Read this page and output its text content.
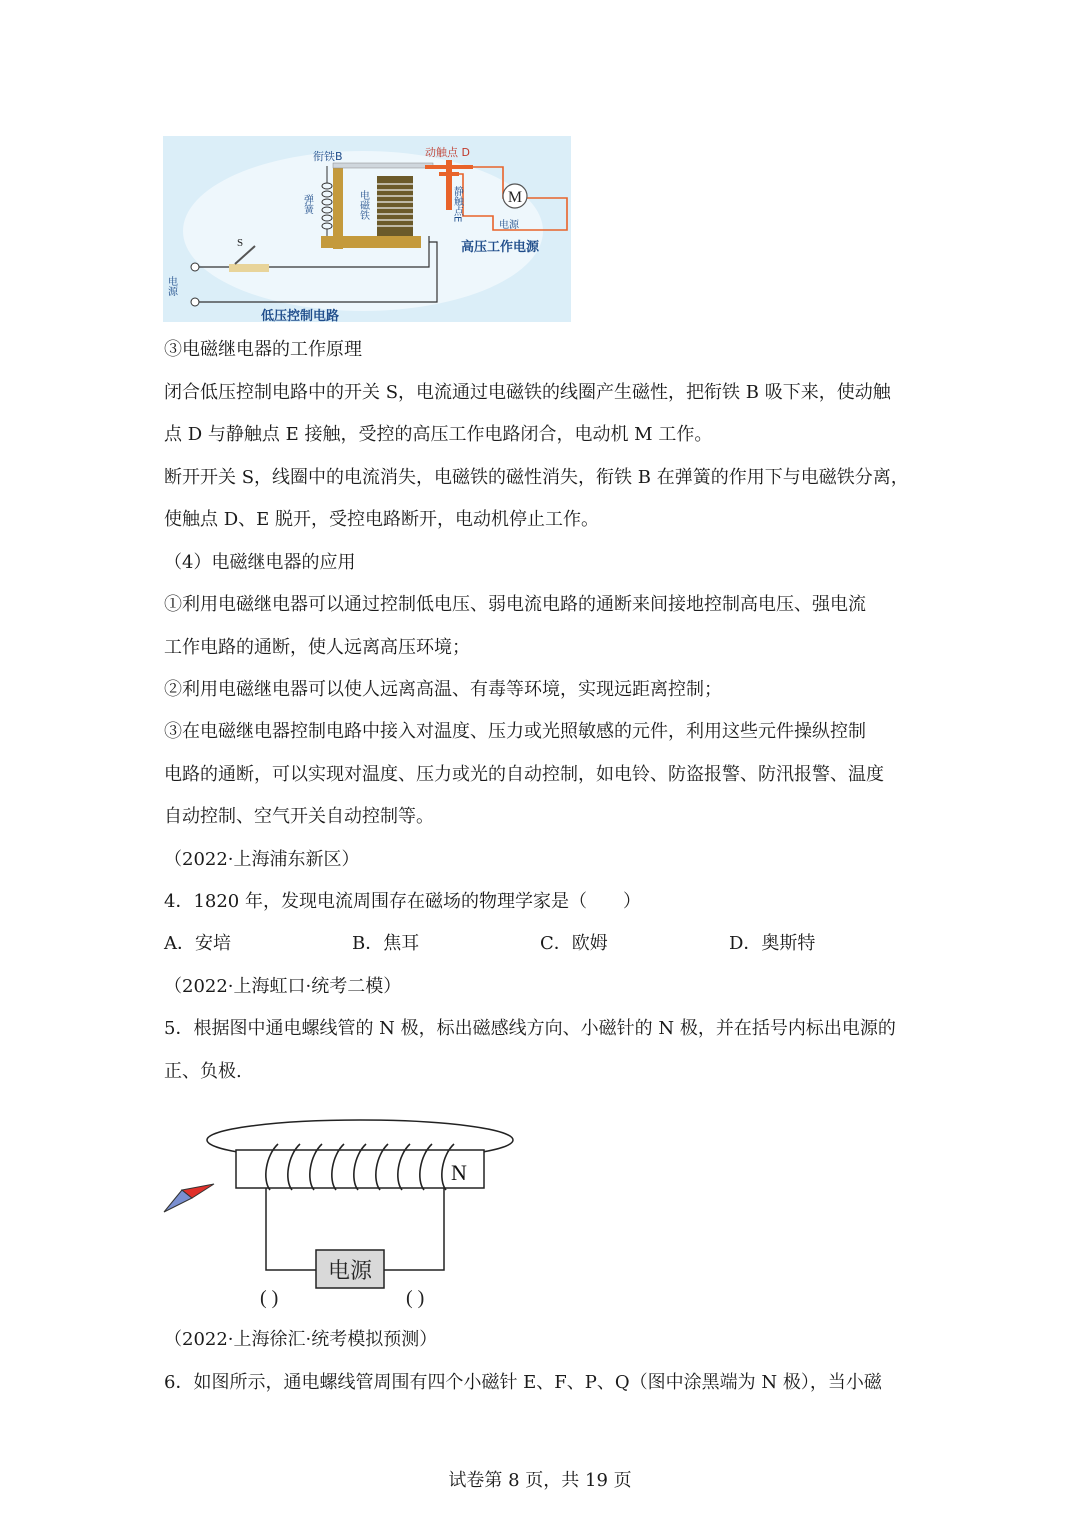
M
S
衔铁B	动触点 D
弹簧	电磁铁	静触点E
电源
高压工作电源
电源
低压控制电路
③电磁继电器的工作原理
闭合低压控制电路中的开关 S，电流通过电磁铁的线圈产生磁性，把衔铁 B 吸下来，使动触
点 D 与静触点 E 接触，受控的高压工作电路闭合，电动机 M 工作。
断开开关 S，线圈中的电流消失，电磁铁的磁性消失，衔铁 B 在弹簧的作用下与电磁铁分离，
使触点 D、E 脱开，受控电路断开，电动机停止工作。
（4）电磁继电器的应用
①利用电磁继电器可以通过控制低电压、弱电流电路的通断来间接地控制高电压、强电流
工作电路的通断，使人远离高压环境；
②利用电磁继电器可以使人远离高温、有毒等环境，实现远距离控制；
③在电磁继电器控制电路中接入对温度、压力或光照敏感的元件，利用这些元件操纵控制
电路的通断，可以实现对温度、压力或光的自动控制，如电铃、防盗报警、防汛报警、温度
自动控制、空气开关自动控制等。
（2022·上海浦东新区）
4．1820 年，发现电流周围存在磁场的物理学家是（　　）
A．安培	B．焦耳	C．欧姆	D．奥斯特
（2022·上海虹口·统考二模）
5．根据图中通电螺线管的 N 极，标出磁感线方向、小磁针的 N 极，并在括号内标出电源的
正、负极.
N
电源
( )	( )
（2022·上海徐汇·统考模拟预测）
6．如图所示，通电螺线管周围有四个小磁针 E、F、P、Q（图中涂黑端为 N 极），当小磁
试卷第 8 页，共 19 页
